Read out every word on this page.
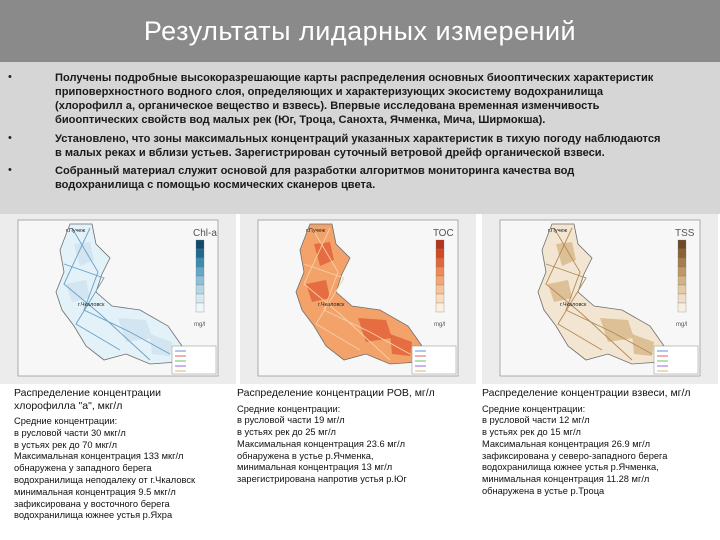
Результаты лидарных измерений
•	Получены подробные высокоразрешающие карты распределения основных биооптических характеристик
приповерхностного водного слоя, определяющих и характеризующих экосистему водохранилища
(хлорофилл а, органическое вещество и взвесь). Впервые исследована временная изменчивость
биооптических свойств вод малых рек (Юг, Троца, Санохта, Ячменка, Мича, Ширмокша).
•	Установлено, что зоны максимальных концентраций указанных характеристик в тихую погоду наблюдаются
в малых реках и вблизи устьев. Зарегистрирован суточный ветровой дрейф органической взвеси.
•	Собранный материал служит основой для разработки алгоритмов мониторинга качества вод
водохранилища с помощью космических сканеров цвета.
Chl-a
mg/l
г.Пучеж
г.Чкаловск
ТОС
mg/l
г.Пучеж
г.Чкаловск
ТSS
mg/l
г.Пучеж
г.Чкаловск
Распределение концентрации
хлорофилла "а", мкг/л
Средние концентрации:
в русловой части 30 мкг/л
в устьях рек до 70 мкг/л
Максимальная концентрация 133 мкг/л
обнаружена у западного берега
водохранилища неподалеку от г.Чкаловск
минимальная концентрация 9.5 мкг/л
зафиксирована у восточного берега
водохранилища южнее устья р.Яхра
Распределение концентрации РОВ, мг/л
Средние концентрации:
в русловой части 19 мг/л
в устьях рек до 25 мг/л
Максимальная концентрация 23.6 мг/л
обнаружена в устье р.Ячменка,
минимальная концентрация 13 мг/л
зарегистрирована напротив устья р.Юг
Распределение концентрации взвеси, мг/л
Средние концентрации:
в русловой части 12 мг/л
в устьях рек до 15 мг/л
Максимальная концентрация 26.9 мг/л
зафиксирована у северо-западного берега
водохранилища южнее устья р.Ячменка,
минимальная концентрация 11.28 мг/л
обнаружена в устье р.Троца
